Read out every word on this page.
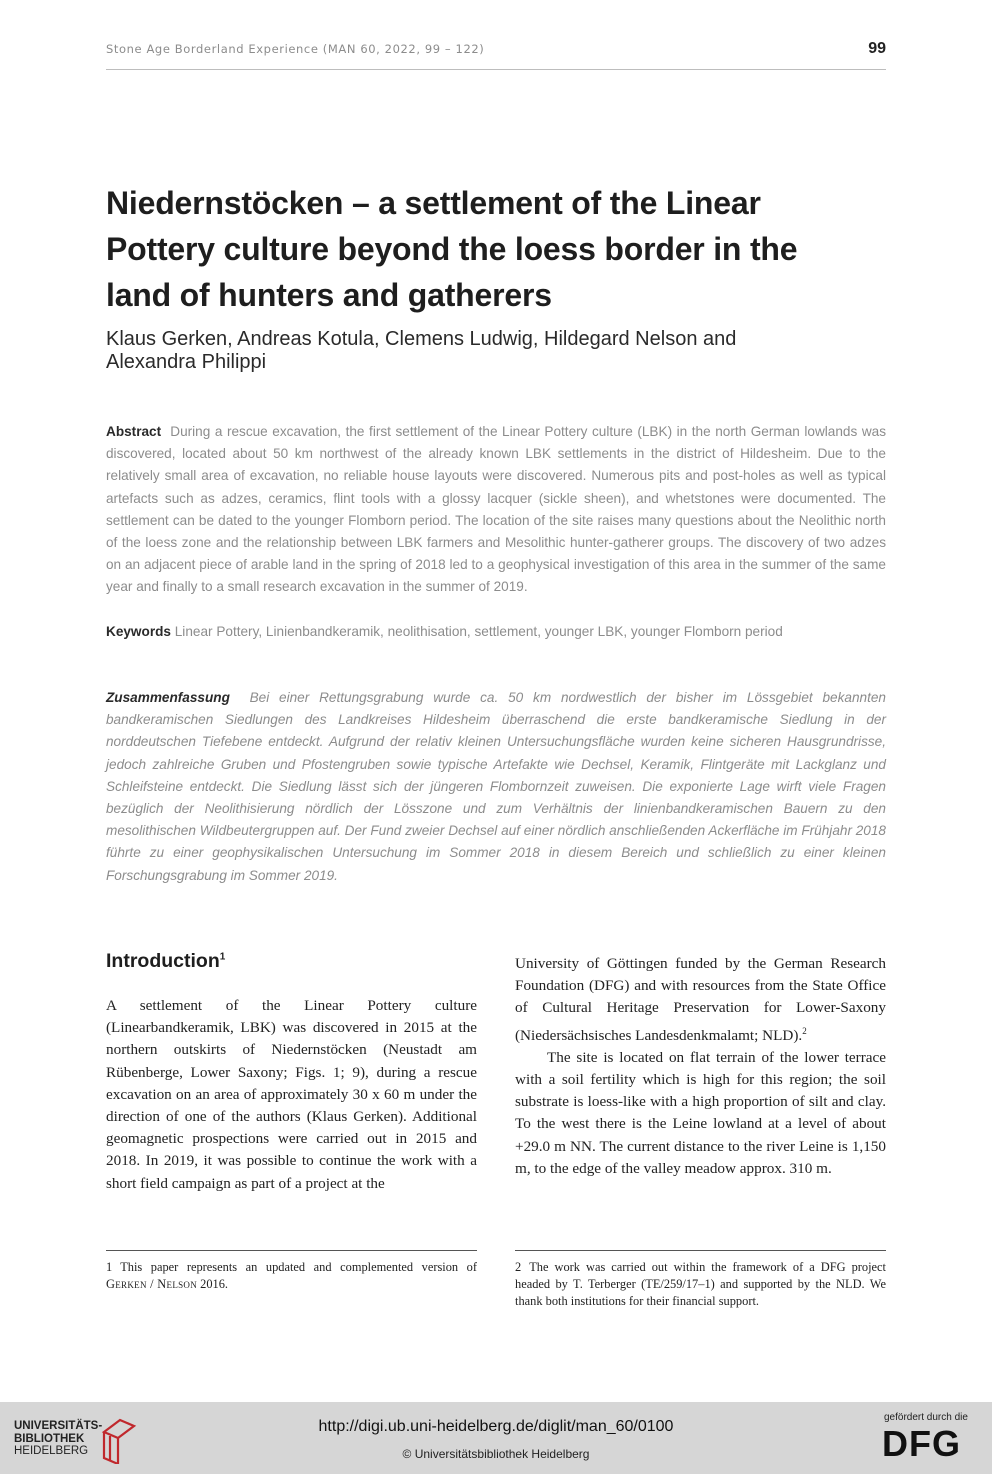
Stone Age Borderland Experience (MAN 60, 2022, 99 – 122)	99
Niedernstöcken – a settlement of the Linear Pottery culture beyond the loess border in the land of hunters and gatherers

Klaus Gerken, Andreas Kotula, Clemens Ludwig, Hildegard Nelson and Alexandra Philippi

Abstract During a rescue excavation, the first settlement of the Linear Pottery culture (LBK) in the north German lowlands was discovered, located about 50 km northwest of the already known LBK settlements in the district of Hildesheim. Due to the relatively small area of excavation, no reliable house layouts were discovered. Numerous pits and post-holes as well as typical artefacts such as adzes, ceramics, flint tools with a glossy lacquer (sickle sheen), and whetstones were documented. The settlement can be dated to the younger Flomborn period. The location of the site raises many questions about the Neolithic north of the loess zone and the relationship between LBK farmers and Mesolithic hunter-gatherer groups. The discovery of two adzes on an adjacent piece of arable land in the spring of 2018 led to a geophysical investigation of this area in the summer of the same year and finally to a small research excavation in the summer of 2019.

Keywords Linear Pottery, Linienbandkeramik, neolithisation, settlement, younger LBK, younger Flomborn period

Zusammenfassung Bei einer Rettungsgrabung wurde ca. 50 km nordwestlich der bisher im Lössgebiet bekannten bandkeramischen Siedlungen des Landkreises Hildesheim überraschend die erste bandkeramische Siedlung in der norddeutschen Tiefebene entdeckt. Aufgrund der relativ kleinen Untersuchungsfläche wurden keine sicheren Hausgrundrisse, jedoch zahlreiche Gruben und Pfostengruben sowie typische Artefakte wie Dechsel, Keramik, Flintgeräte mit Lackglanz und Schleifsteine entdeckt. Die Siedlung lässt sich der jüngeren Flombornzeit zuweisen. Die exponierte Lage wirft viele Fragen bezüglich der Neolithisierung nördlich der Lösszone und zum Verhältnis der linienbandkeramischen Bauern zu den mesolithischen Wildbeutergruppen auf. Der Fund zweier Dechsel auf einer nördlich anschließenden Ackerfläche im Frühjahr 2018 führte zu einer geophysikalischen Untersuchung im Sommer 2018 in diesem Bereich und schließlich zu einer kleinen Forschungsgrabung im Sommer 2019.

Introduction$^1$

A settlement of the Linear Pottery culture (Linearbandkeramik, LBK) was discovered in 2015 at the northern outskirts of Niedernstöcken (Neustadt am Rübenberge, Lower Saxony; Figs. 1; 9), during a rescue excavation on an area of approximately 30 x 60 m under the direction of one of the authors (Klaus Gerken). Additional geomagnetic prospections were carried out in 2015 and 2018. In 2019, it was possible to continue the work with a short field campaign as part of a project at the

University of Göttingen funded by the German Research Foundation (DFG) and with resources from the State Office of Cultural Heritage Preservation for Lower-Saxony (Niedersächsisches Landesdenkmalamt; NLD).$^2$
The site is located on flat terrain of the lower terrace with a soil fertility which is high for this region; the soil substrate is loess-like with a high proportion of silt and clay. To the west there is the Leine lowland at a level of about +29.0 m NN. The current distance to the river Leine is 1,150 m, to the edge of the valley meadow approx. 310 m.

1 This paper represents an updated and complemented version of Gerken / Nelson 2016.

2 The work was carried out within the framework of a DFG project headed by T. Terberger (TE/259/17–1) and supported by the NLD. We thank both institutions for their financial support.

UNIVERSITÄTS-
BIBLIOTHEK
HEIDELBERG
http://digi.ub.uni-heidelberg.de/diglit/man_60/0100
© Universitätsbibliothek Heidelberg
gefördert durch die
DFG
